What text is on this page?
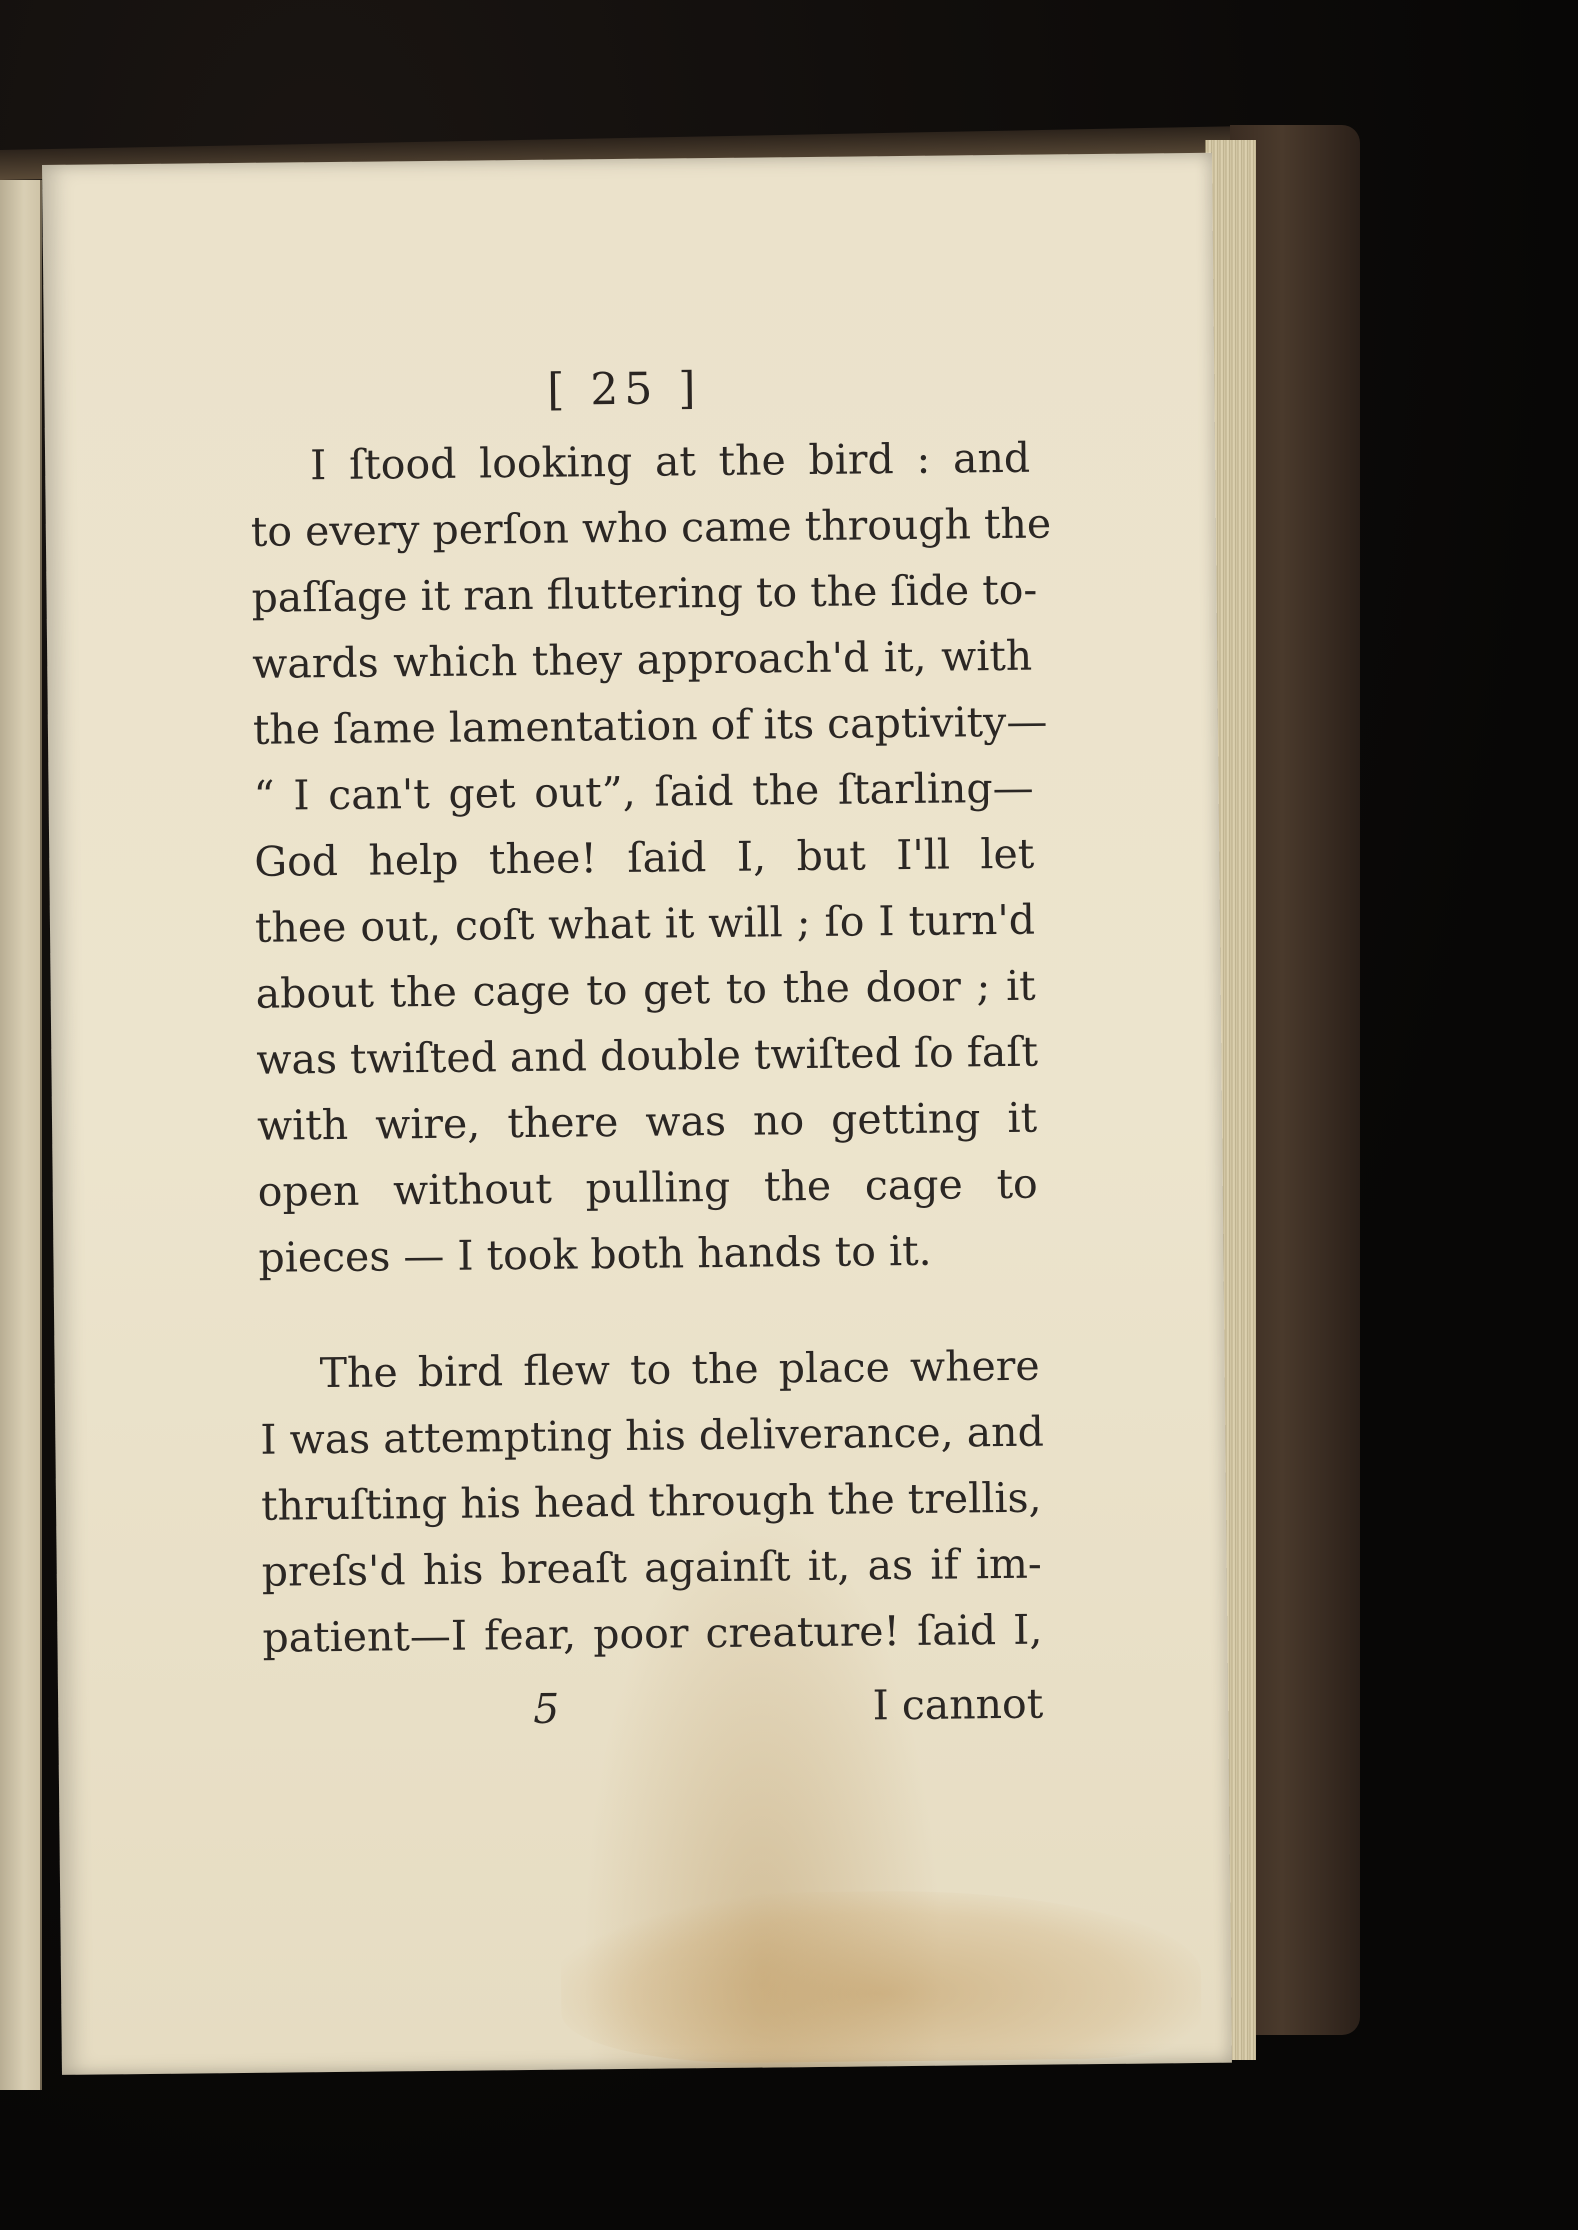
[ 25 ]
I ſtood looking at the bird : and
to every perſon who came through the
paſſage it ran fluttering to the ſide to-
wards which they approach'd it, with
the ſame lamentation of its captivity—
“ I can't get out”, ſaid the ſtarling—
God help thee! ſaid I, but I'll let
thee out, coſt what it will ; ſo I turn'd
about the cage to get to the door ; it
was twiſted and double twiſted ſo faſt
with wire, there was no getting it
open without pulling the cage to
pieces — I took both hands to it.
The bird flew to the place where
I was attempting his deliverance, and
thruſting his head through the trellis,
preſs'd his breaſt againſt it, as if im-
patient—I fear, poor creature! ſaid I,
5	I cannot
